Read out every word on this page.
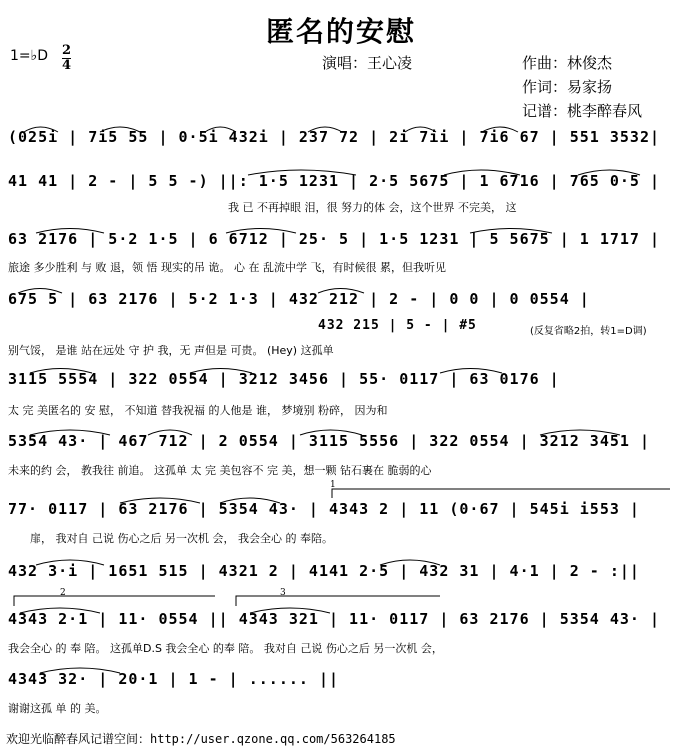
匿名的安慰
1=♭D 2
4	演唱：王心凌	作曲：林俊杰
作词：易家扬
记谱：桃李醉春风
(025i | 7i5 55 | 0·5i 432i | 237 72 | 2i 7ii | 7i6 67 | 551 3532|
41 41 | 2 - | 5 5 -) ||: 1·5 1231 | 2·5 5675 | 1 6716 | 765 0·5 |
我 已 不再掉眼 泪，很 努力的体 会，这个世界 不完美， 这
63 2176 | 5·2 1·5 | 6 6712 | 25· 5 | 1·5 1231 | 5 5675 | 1 1717 |
旅途 多少胜利 与 败 退，领 悟 现实的吊 诡。 心 在 乱流中学 飞，有时候很 累，但我听见
675 5 | 63 2176 | 5·2 1·3 | 432 212 | 2 - | 0 0 | 0 0554 |
432 215 | 5 - | #5	(反复省略2拍，转1=D调)
别气馁， 是谁 站在远处 守 护 我，无 声但是 可贵。 (Hey) 这孤单
3115 5554 | 322 0554 | 3212 3456 | 55· 0117 | 63 0176 |
太 完 美匿名的 安 慰， 不知道 替我祝福 的人他是 谁， 梦境别 粉碎， 因为和
5354 43· | 467 712 | 2 0554 | 3115 5556 | 322 0554 | 3212 3451 |
未来的约 会， 教我往 前追。 这孤单 太 完 美包容不 完 美，想一颗 钻石裹在 脆弱的心
77· 0117 | 63 2176 | 5354 43· | 4343 2 | 11 (0·67 | 545i i553 |
扉， 我对自 己说 伤心之后 另一次机 会， 我会全心 的 奉陪。
432 3·i | 1651 515 | 4321 2 | 4141 2·5 | 432 31 | 4·1 | 2 - :||
4343 2·1 | 11· 0554 || 4343 321 | 11· 0117 | 63 2176 | 5354 43· |
我会全心 的 奉 陪。 这孤单D.S 我会全心 的奉 陪。 我对自 己说 伤心之后 另一次机 会，
4343 32· | 20·1 | 1 - | ...... ||
谢谢这孤 单 的 美。
欢迎光临醉春风记谱空间：http://user.qzone.qq.com/563264185
1
2	3
